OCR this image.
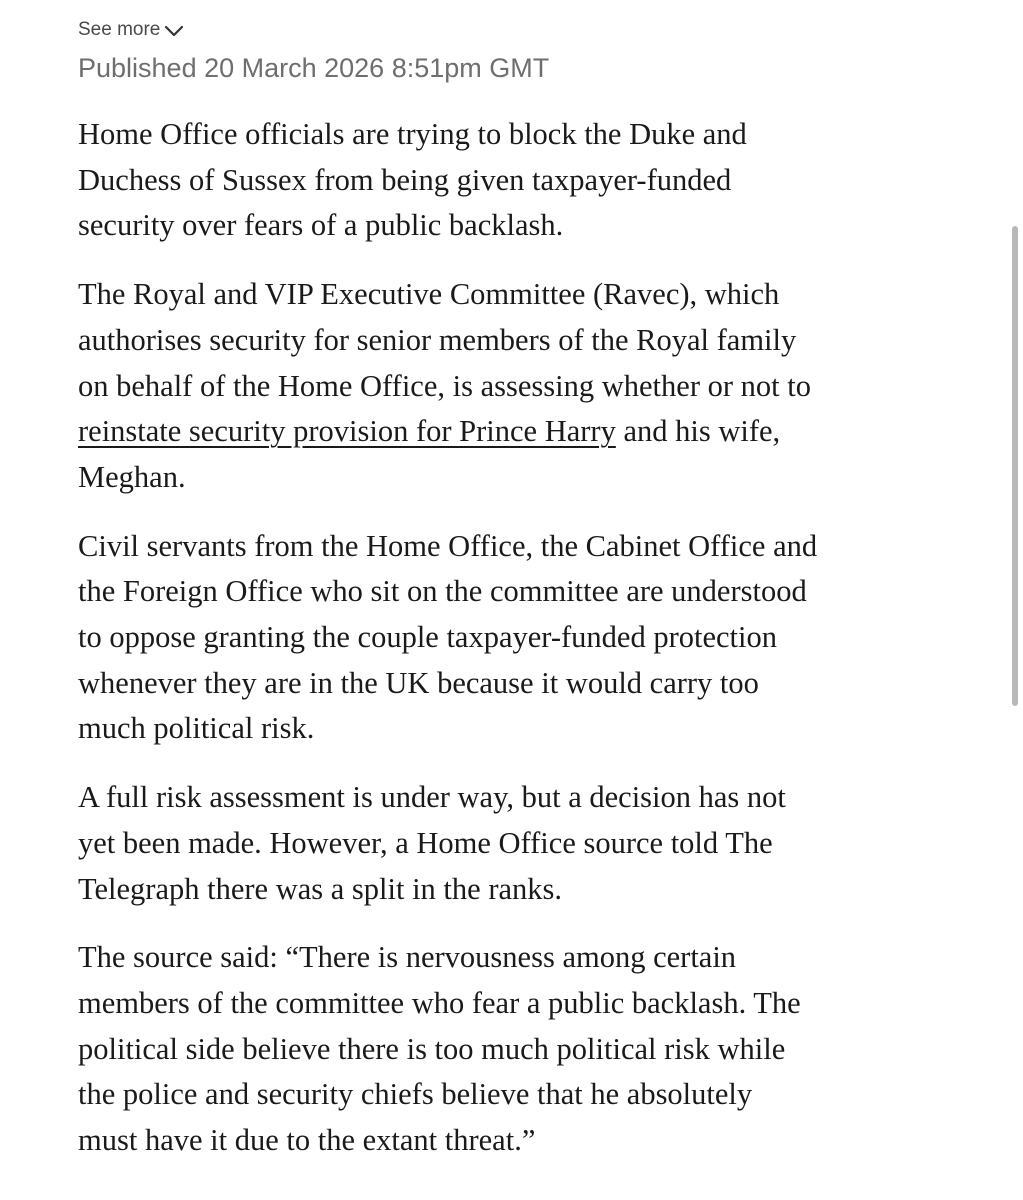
See more
Published 20 March 2026 8:51pm GMT

Home Office officials are trying to block the Duke and
Duchess of Sussex from being given taxpayer-funded
security over fears of a public backlash.

The Royal and VIP Executive Committee (Ravec), which
authorises security for senior members of the Royal family
on behalf of the Home Office, is assessing whether or not to
reinstate security provision for Prince Harry and his wife,
Meghan.

Civil servants from the Home Office, the Cabinet Office and
the Foreign Office who sit on the committee are understood
to oppose granting the couple taxpayer-funded protection
whenever they are in the UK because it would carry too
much political risk.

A full risk assessment is under way, but a decision has not
yet been made. However, a Home Office source told The
Telegraph there was a split in the ranks.

The source said: “There is nervousness among certain
members of the committee who fear a public backlash. The
political side believe there is too much political risk while
the police and security chiefs believe that he absolutely
must have it due to the extant threat.”
